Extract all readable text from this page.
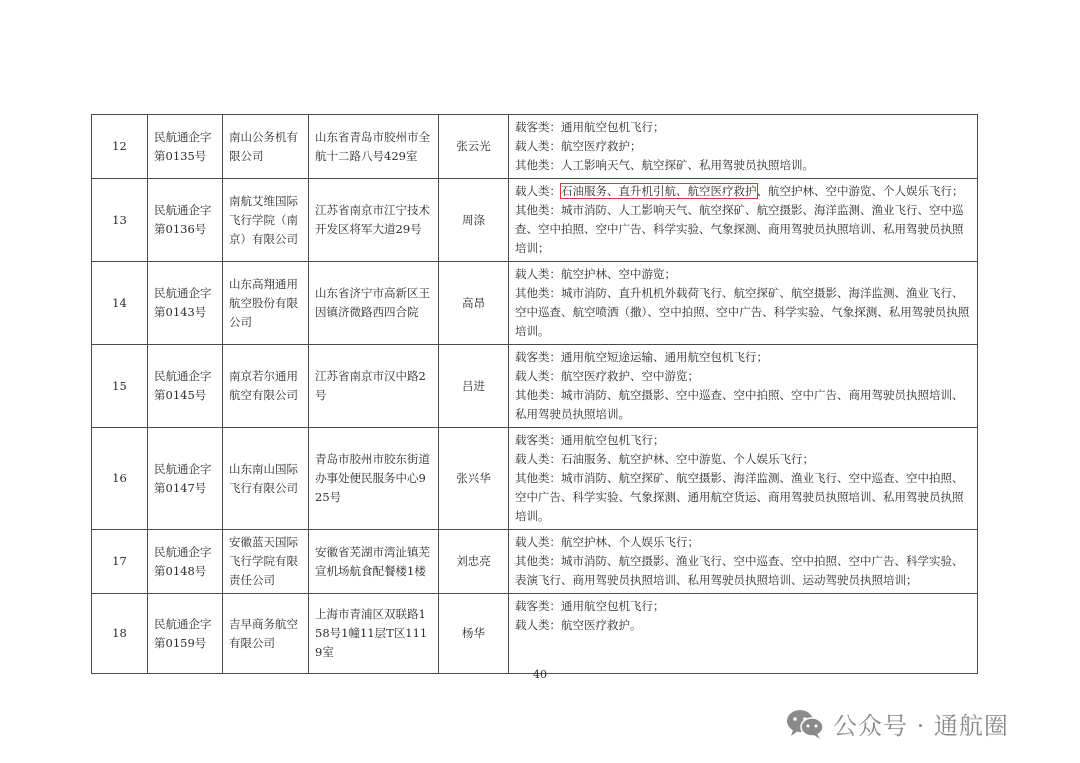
12	民航通企字第0135号	南山公务机有限公司	山东省青岛市胶州市全航十二路八号429室	张云光	载客类：通用航空包机飞行；
载人类：航空医疗救护；
其他类：人工影响天气、航空探矿、私用驾驶员执照培训。

13	民航通企字第0136号	南航艾维国际飞行学院（南京）有限公司	江苏省南京市江宁技术开发区将军大道29号	周涤	载人类：石油服务、直升机引航、航空医疗救护、航空护林、空中游览、个人娱乐飞行；
其他类：城市消防、人工影响天气、航空探矿、航空摄影、海洋监测、渔业飞行、空中巡查、空中拍照、空中广告、科学实验、气象探测、商用驾驶员执照培训、私用驾驶员执照培训；

14	民航通企字第0143号	山东高翔通用航空股份有限公司	山东省济宁市高新区王因镇济微路西四合院	高昂	载人类：航空护林、空中游览；
其他类：城市消防、直升机机外载荷飞行、航空探矿、航空摄影、海洋监测、渔业飞行、空中巡查、航空喷洒（撒）、空中拍照、空中广告、科学实验、气象探测、私用驾驶员执照培训。

15	民航通企字第0145号	南京若尔通用航空有限公司	江苏省南京市汉中路2号	吕进	载客类：通用航空短途运输、通用航空包机飞行；
载人类：航空医疗救护、空中游览；
其他类：城市消防、航空摄影、空中巡查、空中拍照、空中广告、商用驾驶员执照培训、私用驾驶员执照培训。

16	民航通企字第0147号	山东南山国际飞行有限公司	青岛市胶州市胶东街道办事处便民服务中心925号	张兴华	载客类：通用航空包机飞行；
载人类：石油服务、航空护林、空中游览、个人娱乐飞行；
其他类：城市消防、航空探矿、航空摄影、海洋监测、渔业飞行、空中巡查、空中拍照、空中广告、科学实验、气象探测、通用航空货运、商用驾驶员执照培训、私用驾驶员执照培训。

17	民航通企字第0148号	安徽蓝天国际飞行学院有限责任公司	安徽省芜湖市湾沚镇芜宣机场航食配餐楼1楼	刘忠亮	载人类：航空护林、个人娱乐飞行；
其他类：城市消防、航空摄影、渔业飞行、空中巡查、空中拍照、空中广告、科学实验、表演飞行、商用驾驶员执照培训、私用驾驶员执照培训、运动驾驶员执照培训；

18	民航通企字第0159号	吉早商务航空有限公司	上海市青浦区双联路158号1幢11层T区1119室	杨华	载客类：通用航空包机飞行；
载人类：航空医疗救护。
40
公众号 · 通航圈
